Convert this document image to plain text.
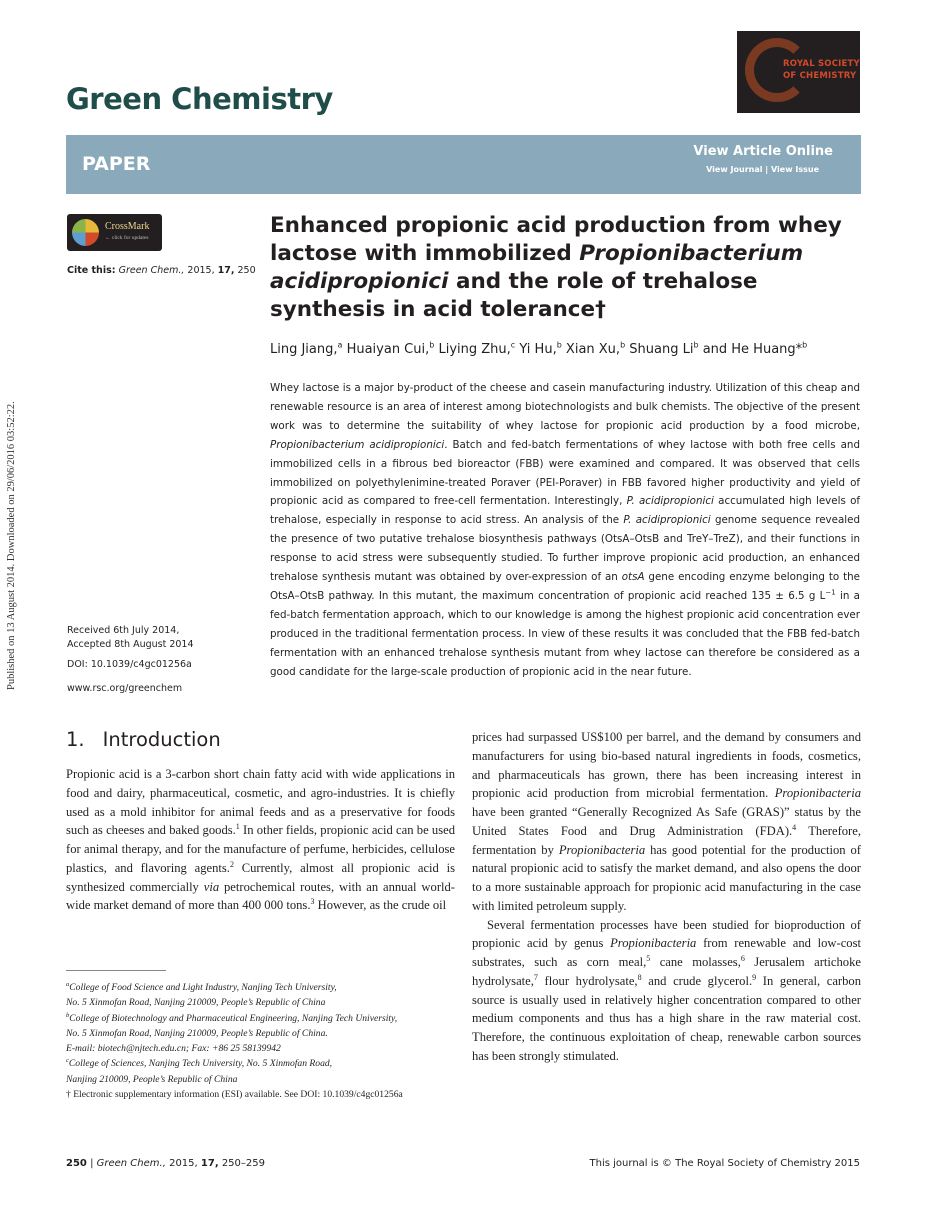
Published on 13 August 2014. Downloaded on 29/06/2016 03:52:22.
Green Chemistry
ROYAL SOCIETY
OF CHEMISTRY
PAPER
View Article Online
View Journal | View Issue
CrossMark
← click for updates
Cite this: Green Chem., 2015, 17, 250
Enhanced propionic acid production from whey lactose with immobilized Propionibacterium acidipropionici and the role of trehalose synthesis in acid tolerance†
Ling Jiang,$^a$ Huaiyan Cui,$^b$ Liying Zhu,$^c$ Yi Hu,$^b$ Xian Xu,$^b$ Shuang Li$^b$ and He Huang*$^b$
Whey lactose is a major by-product of the cheese and casein manufacturing industry. Utilization of this cheap and renewable resource is an area of interest among biotechnologists and bulk chemists. The objective of the present work was to determine the suitability of whey lactose for propionic acid production by a food microbe, Propionibacterium acidipropionici. Batch and fed-batch fermentations of whey lactose with both free cells and immobilized cells in a fibrous bed bioreactor (FBB) were examined and compared. It was observed that cells immobilized on polyethylenimine-treated Poraver (PEI-Poraver) in FBB favored higher productivity and yield of propionic acid as compared to free-cell fermentation. Interestingly, P. acidipropionici accumulated high levels of trehalose, especially in response to acid stress. An analysis of the P. acidipropionici genome sequence revealed the presence of two putative trehalose biosynthesis pathways (OtsA–OtsB and TreY–TreZ), and their functions in response to acid stress were subsequently studied. To further improve propionic acid production, an enhanced trehalose synthesis mutant was obtained by over-expression of an otsA gene encoding enzyme belonging to the OtsA–OtsB pathway. In this mutant, the maximum concentration of propionic acid reached 135 ± 6.5 g $L^{-1}$ in a fed-batch fermentation approach, which to our knowledge is among the highest propionic acid concentration ever produced in the traditional fermentation process. In view of these results it was concluded that the FBB fed-batch fermentation with an enhanced trehalose synthesis mutant from whey lactose can therefore be considered as a good candidate for the large-scale production of propionic acid in the near future.
Received 6th July 2014,
Accepted 8th August 2014
DOI: 10.1039/c4gc01256a
www.rsc.org/greenchem
1. Introduction

Propionic acid is a 3-carbon short chain fatty acid with wide applications in food and dairy, pharmaceutical, cosmetic, and agro-industries. It is chiefly used as a mold inhibitor for animal feeds and as a preservative for foods such as cheeses and baked goods.$^1$ In other fields, propionic acid can be used for animal therapy, and for the manufacture of perfume, herbicides, cellulose plastics, and flavoring agents.$^2$ Currently, almost all propionic acid is synthesized commercially via petrochemical routes, with an annual world-wide market demand of more than 400 000 tons.$^3$ However, as the crude oil

$^a$College of Food Science and Light Industry, Nanjing Tech University,
No. 5 Xinmofan Road, Nanjing 210009, People’s Republic of China
$^b$College of Biotechnology and Pharmaceutical Engineering, Nanjing Tech University,
No. 5 Xinmofan Road, Nanjing 210009, People’s Republic of China.
E-mail: biotech@njtech.edu.cn; Fax: +86 25 58139942
$^c$College of Sciences, Nanjing Tech University, No. 5 Xinmofan Road,
Nanjing 210009, People’s Republic of China
† Electronic supplementary information (ESI) available. See DOI: 10.1039/c4gc01256a

prices had surpassed US$100 per barrel, and the demand by consumers and manufacturers for using bio-based natural ingredients in foods, cosmetics, and pharmaceuticals has grown, there has been increasing interest in propionic acid production from microbial fermentation. Propionibacteria have been granted “Generally Recognized As Safe (GRAS)” status by the United States Food and Drug Administration (FDA).$^4$ Therefore, fermentation by Propionibacteria has good potential for the production of natural propionic acid to satisfy the market demand, and also opens the door to a more sustainable approach for propionic acid manufacturing in the case with limited petroleum supply.

Several fermentation processes have been studied for bioproduction of propionic acid by genus Propionibacteria from renewable and low-cost substrates, such as corn meal,$^5$ cane molasses,$^6$ Jerusalem artichoke hydrolysate,$^7$ flour hydrolysate,$^8$ and crude glycerol.$^9$ In general, carbon source is usually used in relatively higher concentration compared to other medium components and thus has a high share in the raw material cost. Therefore, the continuous exploitation of cheap, renewable carbon sources has been strongly stimulated.

250 | Green Chem., 2015, 17, 250–259	This journal is © The Royal Society of Chemistry 2015
